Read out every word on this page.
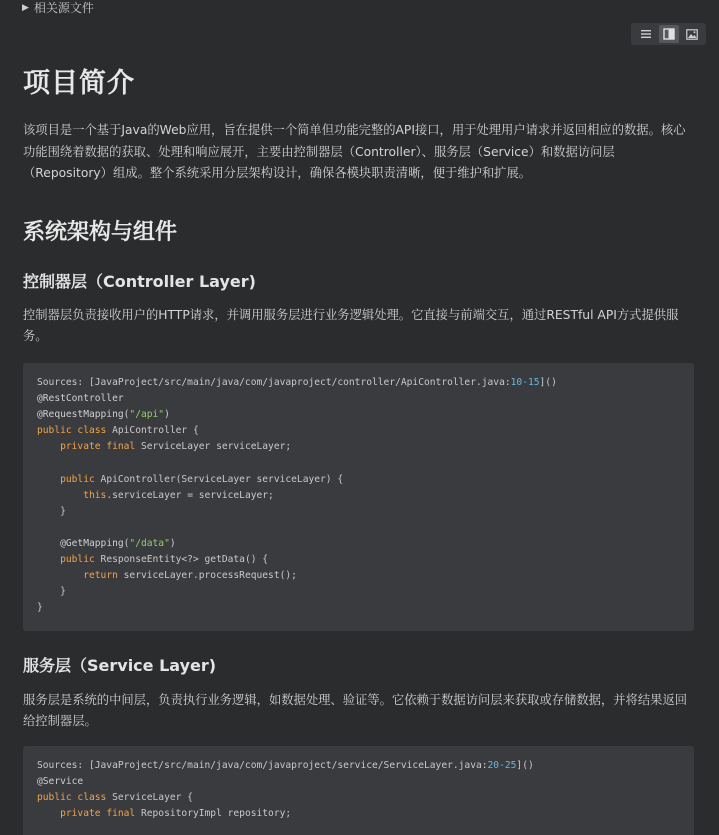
▶ 相关源文件
项目简介

该项目是一个基于Java的Web应用，旨在提供一个简单但功能完整的API接口，用于处理用户请求并返回相应的数据。核心功能围绕着数据的获取、处理和响应展开，主要由控制器层（Controller）、服务层（Service）和数据访问层（Repository）组成。整个系统采用分层架构设计，确保各模块职责清晰，便于维护和扩展。

系统架构与组件
控制器层（Controller Layer)

控制器层负责接收用户的HTTP请求，并调用服务层进行业务逻辑处理。它直接与前端交互，通过RESTful API方式提供服务。

Sources: [JavaProject/src/main/java/com/javaproject/controller/ApiController.java:10-15]()
@RestController
@RequestMapping("/api")
public class ApiController {
private final ServiceLayer serviceLayer;
public ApiController(ServiceLayer serviceLayer) {
this.serviceLayer = serviceLayer;
}
@GetMapping("/data")
public ResponseEntity<?> getData() {
return serviceLayer.processRequest();
}
}
服务层（Service Layer)

服务层是系统的中间层，负责执行业务逻辑，如数据处理、验证等。它依赖于数据访问层来获取或存储数据，并将结果返回给控制器层。

Sources: [JavaProject/src/main/java/com/javaproject/service/ServiceLayer.java:20-25]()
@Service
public class ServiceLayer {
private final RepositoryImpl repository;
